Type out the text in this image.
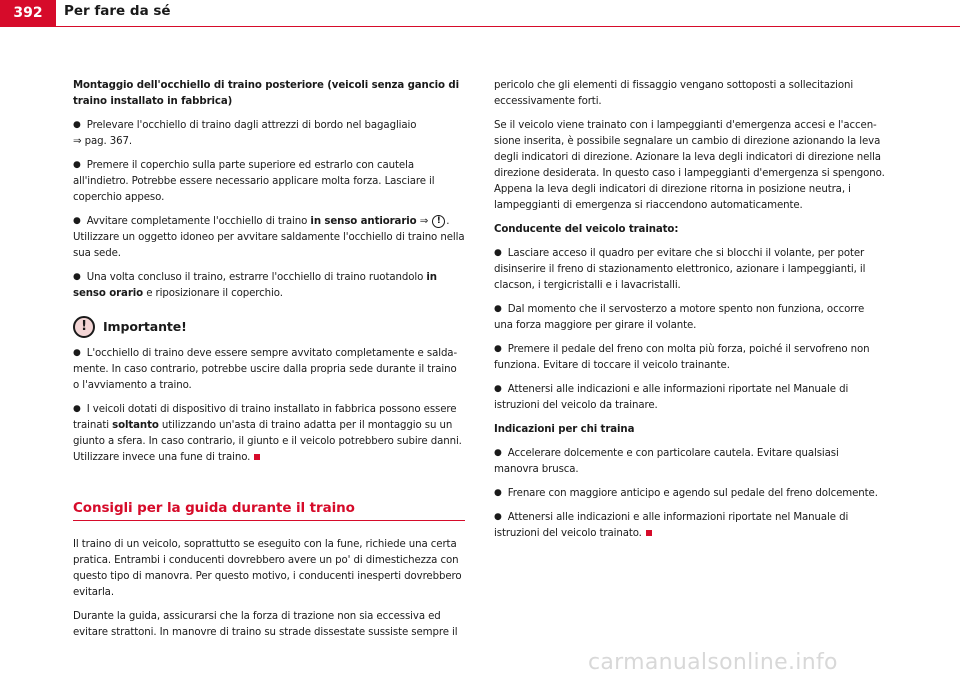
392	Per fare da sé

Montaggio dell'occhiello di traino posteriore (veicoli senza gancio di traino installato in fabbrica)

● Prelevare l'occhiello di traino dagli attrezzi di bordo nel bagagliaio
⇒ pag. 367.

● Premere il coperchio sulla parte superiore ed estrarlo con cautela all'indietro. Potrebbe essere necessario applicare molta forza. Lasciare il coperchio appeso.

● Avvitare completamente l'occhiello di traino in senso antiorario ⇒ ! .
Utilizzare un oggetto idoneo per avvitare saldamente l'occhiello di traino nella sua sede.

● Una volta concluso il traino, estrarre l'occhiello di traino ruotandolo in senso orario e riposizionare il coperchio.

!	Importante!

● L'occhiello di traino deve essere sempre avvitato completamente e salda-mente. In caso contrario, potrebbe uscire dalla propria sede durante il traino o l'avviamento a traino.

● I veicoli dotati di dispositivo di traino installato in fabbrica possono essere trainati soltanto utilizzando un'asta di traino adatta per il montaggio su un giunto a sfera. In caso contrario, il giunto e il veicolo potrebbero subire danni. Utilizzare invece una fune di traino.

Consigli per la guida durante il traino

Il traino di un veicolo, soprattutto se eseguito con la fune, richiede una certa pratica. Entrambi i conducenti dovrebbero avere un po' di dimestichezza con questo tipo di manovra. Per questo motivo, i conducenti inesperti dovrebbero evitarla.

Durante la guida, assicurarsi che la forza di trazione non sia eccessiva ed evitare strattoni. In manovre di traino su strade dissestate sussiste sempre il

pericolo che gli elementi di fissaggio vengano sottoposti a sollecitazioni eccessivamente forti.

Se il veicolo viene trainato con i lampeggianti d'emergenza accesi e l'accen-sione inserita, è possibile segnalare un cambio di direzione azionando la leva degli indicatori di direzione. Azionare la leva degli indicatori di direzione nella direzione desiderata. In questo caso i lampeggianti d'emergenza si spengono. Appena la leva degli indicatori di direzione ritorna in posizione neutra, i lampeggianti di emergenza si riaccendono automaticamente.

Conducente del veicolo trainato:

● Lasciare acceso il quadro per evitare che si blocchi il volante, per poter disinserire il freno di stazionamento elettronico, azionare i lampeggianti, il clacson, i tergicristalli e i lavacristalli.

● Dal momento che il servosterzo a motore spento non funziona, occorre una forza maggiore per girare il volante.

● Premere il pedale del freno con molta più forza, poiché il servofreno non funziona. Evitare di toccare il veicolo trainante.

● Attenersi alle indicazioni e alle informazioni riportate nel Manuale di istruzioni del veicolo da trainare.

Indicazioni per chi traina

● Accelerare dolcemente e con particolare cautela. Evitare qualsiasi manovra brusca.

● Frenare con maggiore anticipo e agendo sul pedale del freno dolcemente.

● Attenersi alle indicazioni e alle informazioni riportate nel Manuale di istruzioni del veicolo trainato.

carmanualsonline.info
